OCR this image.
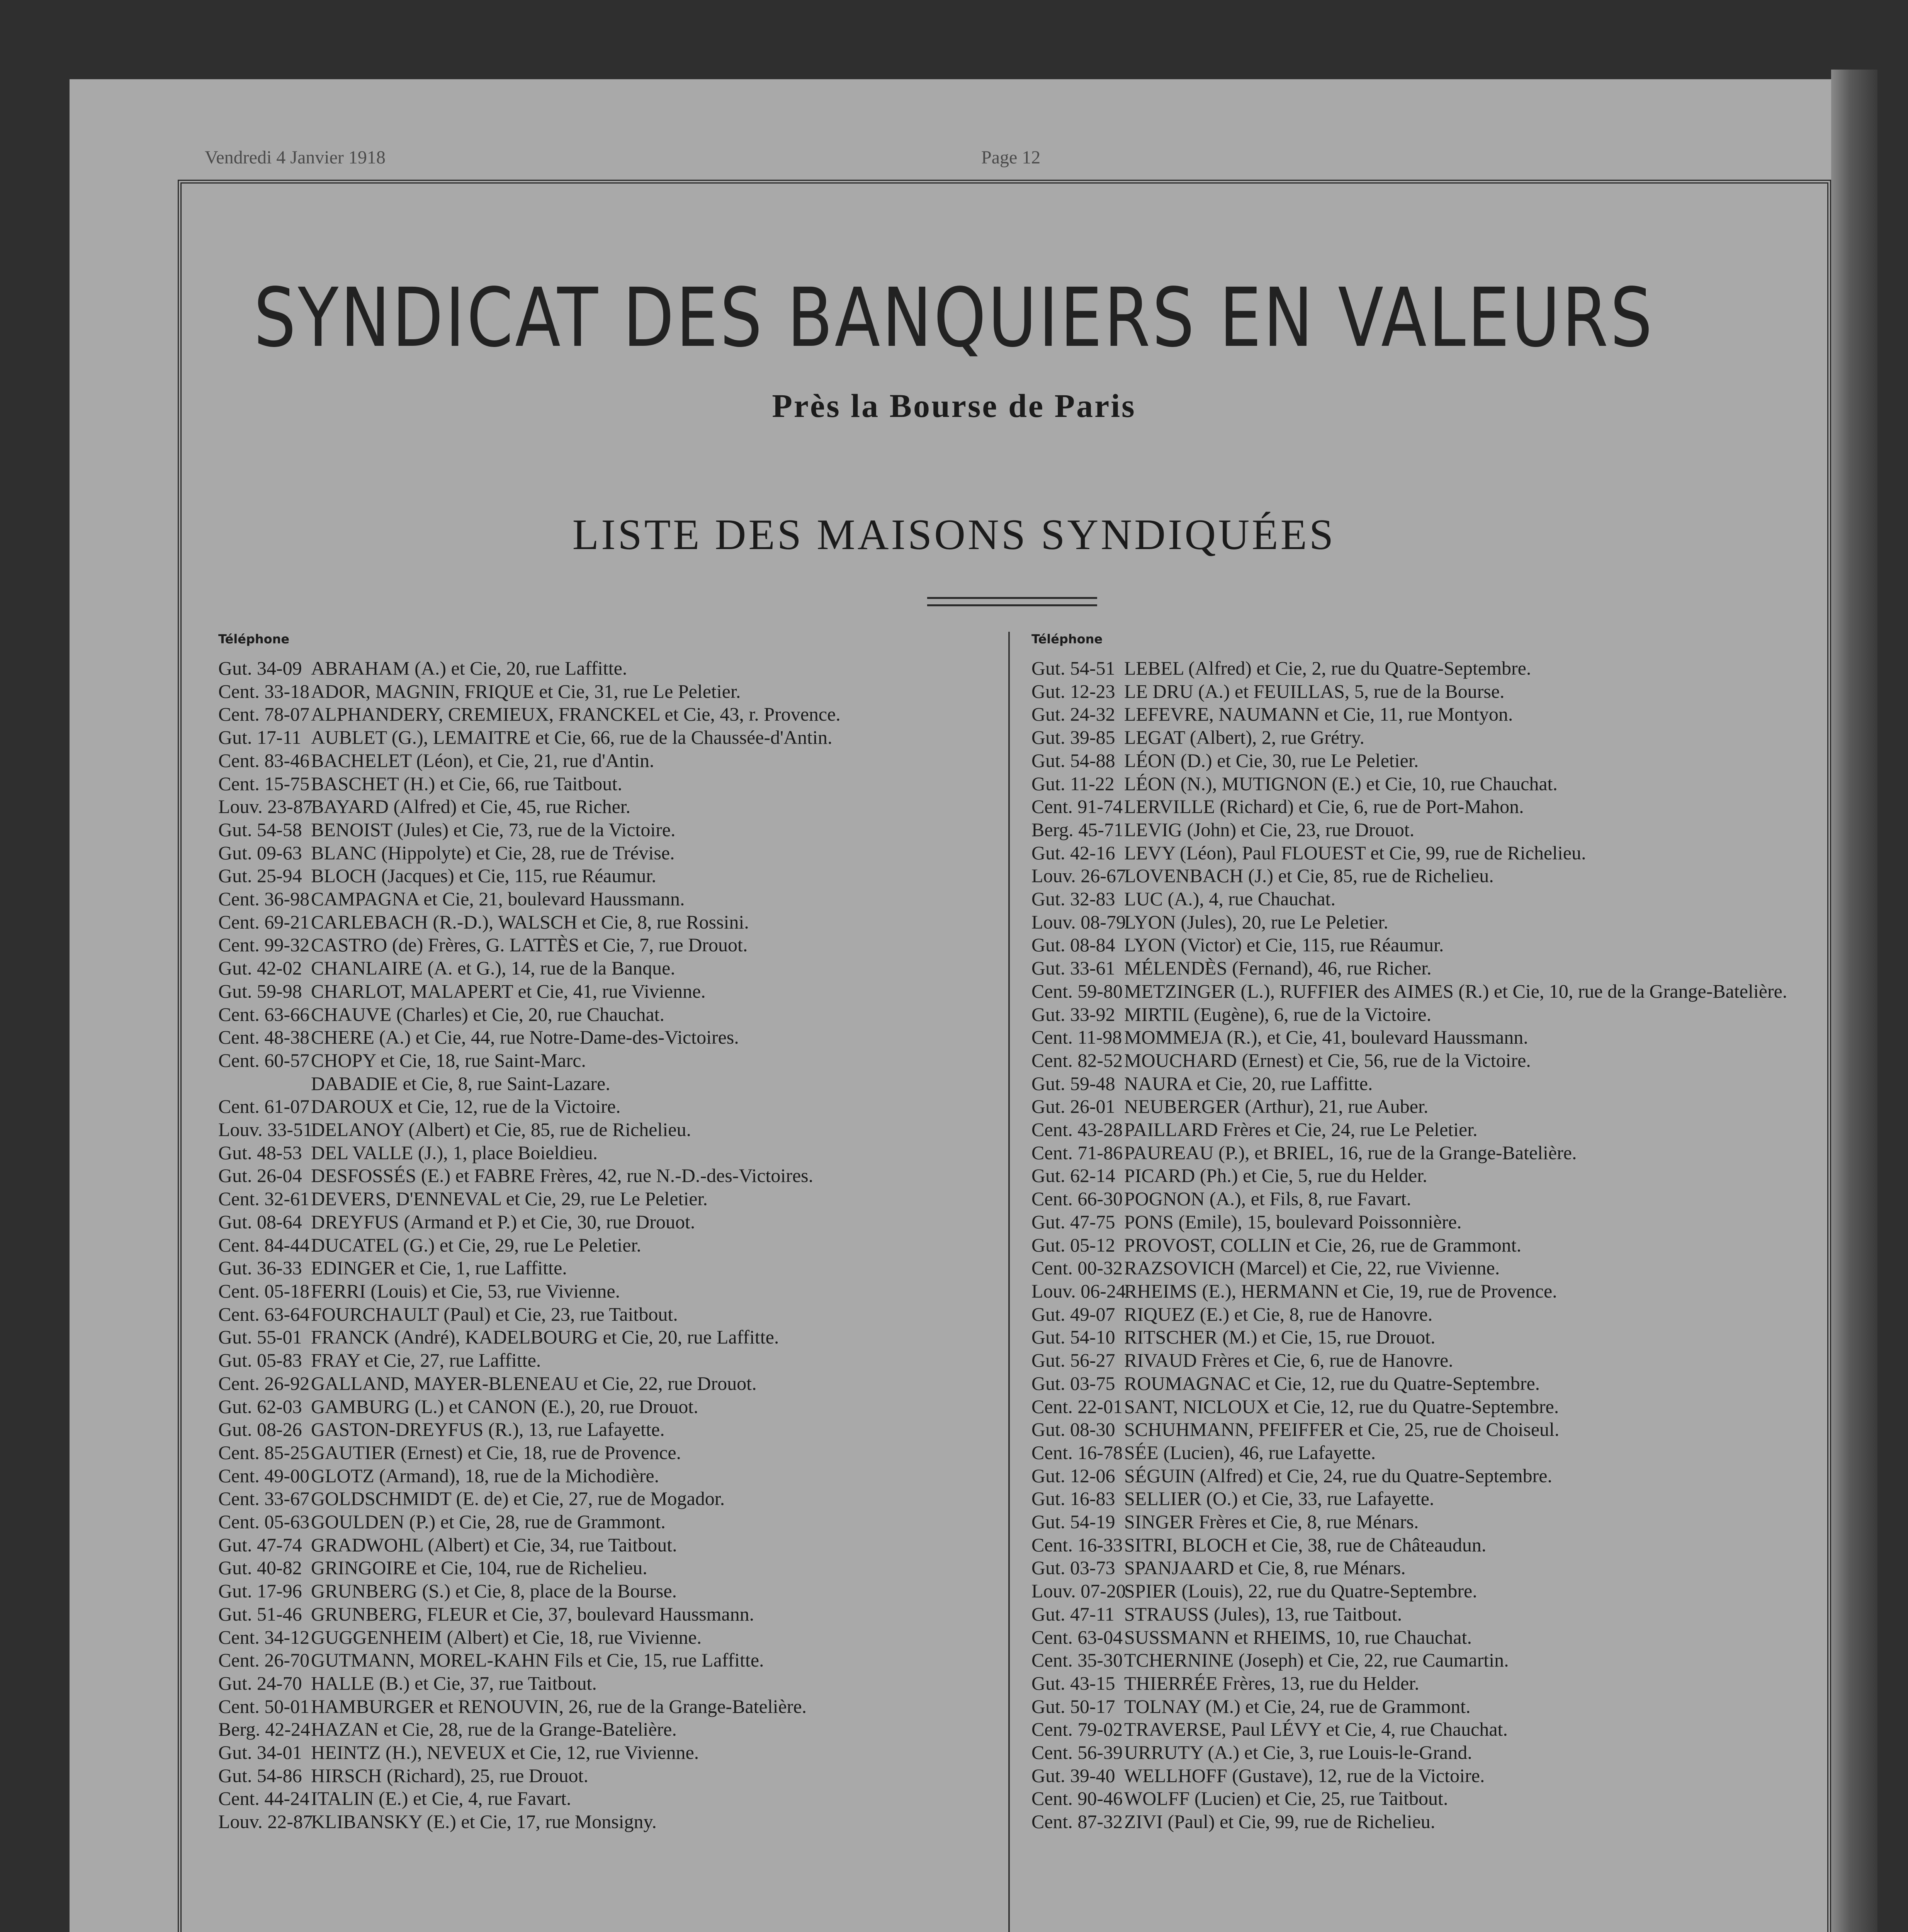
Vendredi 4 Janvier 1918	Page 12
SYNDICAT DES BANQUIERS EN VALEURS
Près la Bourse de Paris
LISTE DES MAISONS SYNDIQUÉES
Téléphone	Téléphone
Gut. 34-09 ABRAHAM (A.) et Cie, 20, rue Laffitte.
Cent. 33-18ADOR, MAGNIN, FRIQUE et Cie, 31, rue Le Peletier.
Cent. 78-07ALPHANDERY, CREMIEUX, FRANCKEL et Cie, 43, r. Provence.
Gut. 17-11 AUBLET (G.), LEMAITRE et Cie, 66, rue de la Chaussée-d'Antin.
Cent. 83-46BACHELET (Léon), et Cie, 21, rue d'Antin.
Cent. 15-75BASCHET (H.) et Cie, 66, rue Taitbout.
Louv. 23-87BAYARD (Alfred) et Cie, 45, rue Richer.
Gut. 54-58 BENOIST (Jules) et Cie, 73, rue de la Victoire.
Gut. 09-63 BLANC (Hippolyte) et Cie, 28, rue de Trévise.
Gut. 25-94 BLOCH (Jacques) et Cie, 115, rue Réaumur.
Cent. 36-98CAMPAGNA et Cie, 21, boulevard Haussmann.
Cent. 69-21CARLEBACH (R.-D.), WALSCH et Cie, 8, rue Rossini.
Cent. 99-32CASTRO (de) Frères, G. LATTÈS et Cie, 7, rue Drouot.
Gut. 42-02 CHANLAIRE (A. et G.), 14, rue de la Banque.
Gut. 59-98 CHARLOT, MALAPERT et Cie, 41, rue Vivienne.
Cent. 63-66CHAUVE (Charles) et Cie, 20, rue Chauchat.
Cent. 48-38CHERE (A.) et Cie, 44, rue Notre-Dame-des-Victoires.
Cent. 60-57CHOPY et Cie, 18, rue Saint-Marc.
DABADIE et Cie, 8, rue Saint-Lazare.
Cent. 61-07DAROUX et Cie, 12, rue de la Victoire.
Louv. 33-51DELANOY (Albert) et Cie, 85, rue de Richelieu.
Gut. 48-53 DEL VALLE (J.), 1, place Boieldieu.
Gut. 26-04 DESFOSSÉS (E.) et FABRE Frères, 42, rue N.-D.-des-Victoires.
Cent. 32-61DEVERS, D'ENNEVAL et Cie, 29, rue Le Peletier.
Gut. 08-64 DREYFUS (Armand et P.) et Cie, 30, rue Drouot.
Cent. 84-44DUCATEL (G.) et Cie, 29, rue Le Peletier.
Gut. 36-33 EDINGER et Cie, 1, rue Laffitte.
Cent. 05-18FERRI (Louis) et Cie, 53, rue Vivienne.
Cent. 63-64FOURCHAULT (Paul) et Cie, 23, rue Taitbout.
Gut. 55-01 FRANCK (André), KADELBOURG et Cie, 20, rue Laffitte.
Gut. 05-83 FRAY et Cie, 27, rue Laffitte.
Cent. 26-92GALLAND, MAYER-BLENEAU et Cie, 22, rue Drouot.
Gut. 62-03 GAMBURG (L.) et CANON (E.), 20, rue Drouot.
Gut. 08-26 GASTON-DREYFUS (R.), 13, rue Lafayette.
Cent. 85-25GAUTIER (Ernest) et Cie, 18, rue de Provence.
Cent. 49-00GLOTZ (Armand), 18, rue de la Michodière.
Cent. 33-67GOLDSCHMIDT (E. de) et Cie, 27, rue de Mogador.
Cent. 05-63GOULDEN (P.) et Cie, 28, rue de Grammont.
Gut. 47-74 GRADWOHL (Albert) et Cie, 34, rue Taitbout.
Gut. 40-82 GRINGOIRE et Cie, 104, rue de Richelieu.
Gut. 17-96 GRUNBERG (S.) et Cie, 8, place de la Bourse.
Gut. 51-46 GRUNBERG, FLEUR et Cie, 37, boulevard Haussmann.
Cent. 34-12GUGGENHEIM (Albert) et Cie, 18, rue Vivienne.
Cent. 26-70GUTMANN, MOREL-KAHN Fils et Cie, 15, rue Laffitte.
Gut. 24-70 HALLE (B.) et Cie, 37, rue Taitbout.
Cent. 50-01HAMBURGER et RENOUVIN, 26, rue de la Grange-Batelière.
Berg. 42-24HAZAN et Cie, 28, rue de la Grange-Batelière.
Gut. 34-01 HEINTZ (H.), NEVEUX et Cie, 12, rue Vivienne.
Gut. 54-86 HIRSCH (Richard), 25, rue Drouot.
Cent. 44-24ITALIN (E.) et Cie, 4, rue Favart.
Louv. 22-87KLIBANSKY (E.) et Cie, 17, rue Monsigny.
Gut. 54-51 LEBEL (Alfred) et Cie, 2, rue du Quatre-Septembre.
Gut. 12-23 LE DRU (A.) et FEUILLAS, 5, rue de la Bourse.
Gut. 24-32 LEFEVRE, NAUMANN et Cie, 11, rue Montyon.
Gut. 39-85 LEGAT (Albert), 2, rue Grétry.
Gut. 54-88 LÉON (D.) et Cie, 30, rue Le Peletier.
Gut. 11-22 LÉON (N.), MUTIGNON (E.) et Cie, 10, rue Chauchat.
Cent. 91-74LERVILLE (Richard) et Cie, 6, rue de Port-Mahon.
Berg. 45-71LEVIG (John) et Cie, 23, rue Drouot.
Gut. 42-16 LEVY (Léon), Paul FLOUEST et Cie, 99, rue de Richelieu.
Louv. 26-67LOVENBACH (J.) et Cie, 85, rue de Richelieu.
Gut. 32-83 LUC (A.), 4, rue Chauchat.
Louv. 08-79LYON (Jules), 20, rue Le Peletier.
Gut. 08-84 LYON (Victor) et Cie, 115, rue Réaumur.
Gut. 33-61 MÉLENDÈS (Fernand), 46, rue Richer.
Cent. 59-80METZINGER (L.), RUFFIER des AIMES (R.) et Cie, 10, rue de la Grange-Batelière.
Gut. 33-92 MIRTIL (Eugène), 6, rue de la Victoire.
Cent. 11-98 MOMMEJA (R.), et Cie, 41, boulevard Haussmann.
Cent. 82-52MOUCHARD (Ernest) et Cie, 56, rue de la Victoire.
Gut. 59-48 NAURA et Cie, 20, rue Laffitte.
Gut. 26-01 NEUBERGER (Arthur), 21, rue Auber.
Cent. 43-28PAILLARD Frères et Cie, 24, rue Le Peletier.
Cent. 71-86PAUREAU (P.), et BRIEL, 16, rue de la Grange-Batelière.
Gut. 62-14 PICARD (Ph.) et Cie, 5, rue du Helder.
Cent. 66-30POGNON (A.), et Fils, 8, rue Favart.
Gut. 47-75 PONS (Emile), 15, boulevard Poissonnière.
Gut. 05-12 PROVOST, COLLIN et Cie, 26, rue de Grammont.
Cent. 00-32RAZSOVICH (Marcel) et Cie, 22, rue Vivienne.
Louv. 06-24RHEIMS (E.), HERMANN et Cie, 19, rue de Provence.
Gut. 49-07 RIQUEZ (E.) et Cie, 8, rue de Hanovre.
Gut. 54-10 RITSCHER (M.) et Cie, 15, rue Drouot.
Gut. 56-27 RIVAUD Frères et Cie, 6, rue de Hanovre.
Gut. 03-75 ROUMAGNAC et Cie, 12, rue du Quatre-Septembre.
Cent. 22-01SANT, NICLOUX et Cie, 12, rue du Quatre-Septembre.
Gut. 08-30 SCHUHMANN, PFEIFFER et Cie, 25, rue de Choiseul.
Cent. 16-78SÉE (Lucien), 46, rue Lafayette.
Gut. 12-06 SÉGUIN (Alfred) et Cie, 24, rue du Quatre-Septembre.
Gut. 16-83 SELLIER (O.) et Cie, 33, rue Lafayette.
Gut. 54-19 SINGER Frères et Cie, 8, rue Ménars.
Cent. 16-33SITRI, BLOCH et Cie, 38, rue de Châteaudun.
Gut. 03-73 SPANJAARD et Cie, 8, rue Ménars.
Louv. 07-20SPIER (Louis), 22, rue du Quatre-Septembre.
Gut. 47-11 STRAUSS (Jules), 13, rue Taitbout.
Cent. 63-04SUSSMANN et RHEIMS, 10, rue Chauchat.
Cent. 35-30TCHERNINE (Joseph) et Cie, 22, rue Caumartin.
Gut. 43-15 THIERRÉE Frères, 13, rue du Helder.
Gut. 50-17 TOLNAY (M.) et Cie, 24, rue de Grammont.
Cent. 79-02TRAVERSE, Paul LÉVY et Cie, 4, rue Chauchat.
Cent. 56-39URRUTY (A.) et Cie, 3, rue Louis-le-Grand.
Gut. 39-40 WELLHOFF (Gustave), 12, rue de la Victoire.
Cent. 90-46WOLFF (Lucien) et Cie, 25, rue Taitbout.
Cent. 87-32ZIVI (Paul) et Cie, 99, rue de Richelieu.
